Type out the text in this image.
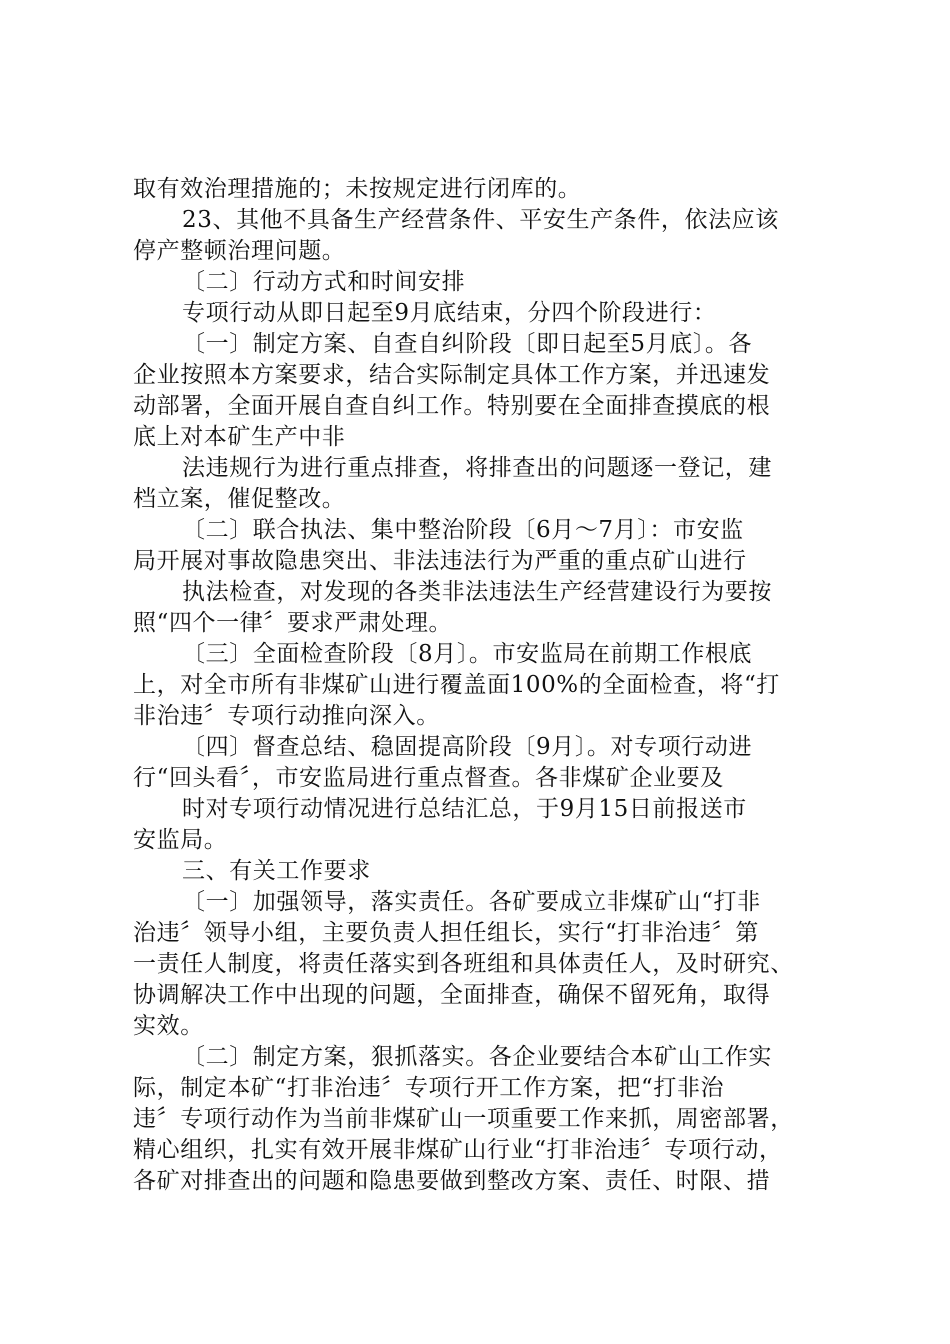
取有效治理措施的；未按规定进行闭库的。
23、其他不具备生产经营条件、平安生产条件，依法应该
停产整顿治理问题。
〔二〕行动方式和时间安排
专项行动从即日起至9月底结束，分四个阶段进行：
〔一〕制定方案、自查自纠阶段〔即日起至5月底〕。各
企业按照本方案要求，结合实际制定具体工作方案，并迅速发
动部署，全面开展自查自纠工作。特别要在全面排查摸底的根
底上对本矿生产中非
法违规行为进行重点排查，将排查出的问题逐一登记，建
档立案，催促整改。
〔二〕联合执法、集中整治阶段〔6月～7月〕：市安监
局开展对事故隐患突出、非法违法行为严重的重点矿山进行
执法检查，对发现的各类非法违法生产经营建设行为要按
照“四个一律〞要求严肃处理。
〔三〕全面检查阶段〔8月〕。市安监局在前期工作根底
上，对全市所有非煤矿山进行覆盖面100%的全面检查，将“打
非治违〞专项行动推向深入。
〔四〕督查总结、稳固提高阶段〔9月〕。对专项行动进
行“回头看〞，市安监局进行重点督查。各非煤矿企业要及
时对专项行动情况进行总结汇总，于9月15日前报送市
安监局。
三、有关工作要求
〔一〕加强领导，落实责任。各矿要成立非煤矿山“打非
治违〞领导小组，主要负责人担任组长，实行“打非治违〞第
一责任人制度，将责任落实到各班组和具体责任人，及时研究、
协调解决工作中出现的问题，全面排查，确保不留死角，取得
实效。
〔二〕制定方案，狠抓落实。各企业要结合本矿山工作实
际，制定本矿“打非治违〞专项行开工作方案，把“打非治
违〞专项行动作为当前非煤矿山一项重要工作来抓，周密部署，
精心组织，扎实有效开展非煤矿山行业“打非治违〞专项行动，
各矿对排查出的问题和隐患要做到整改方案、责任、时限、措
